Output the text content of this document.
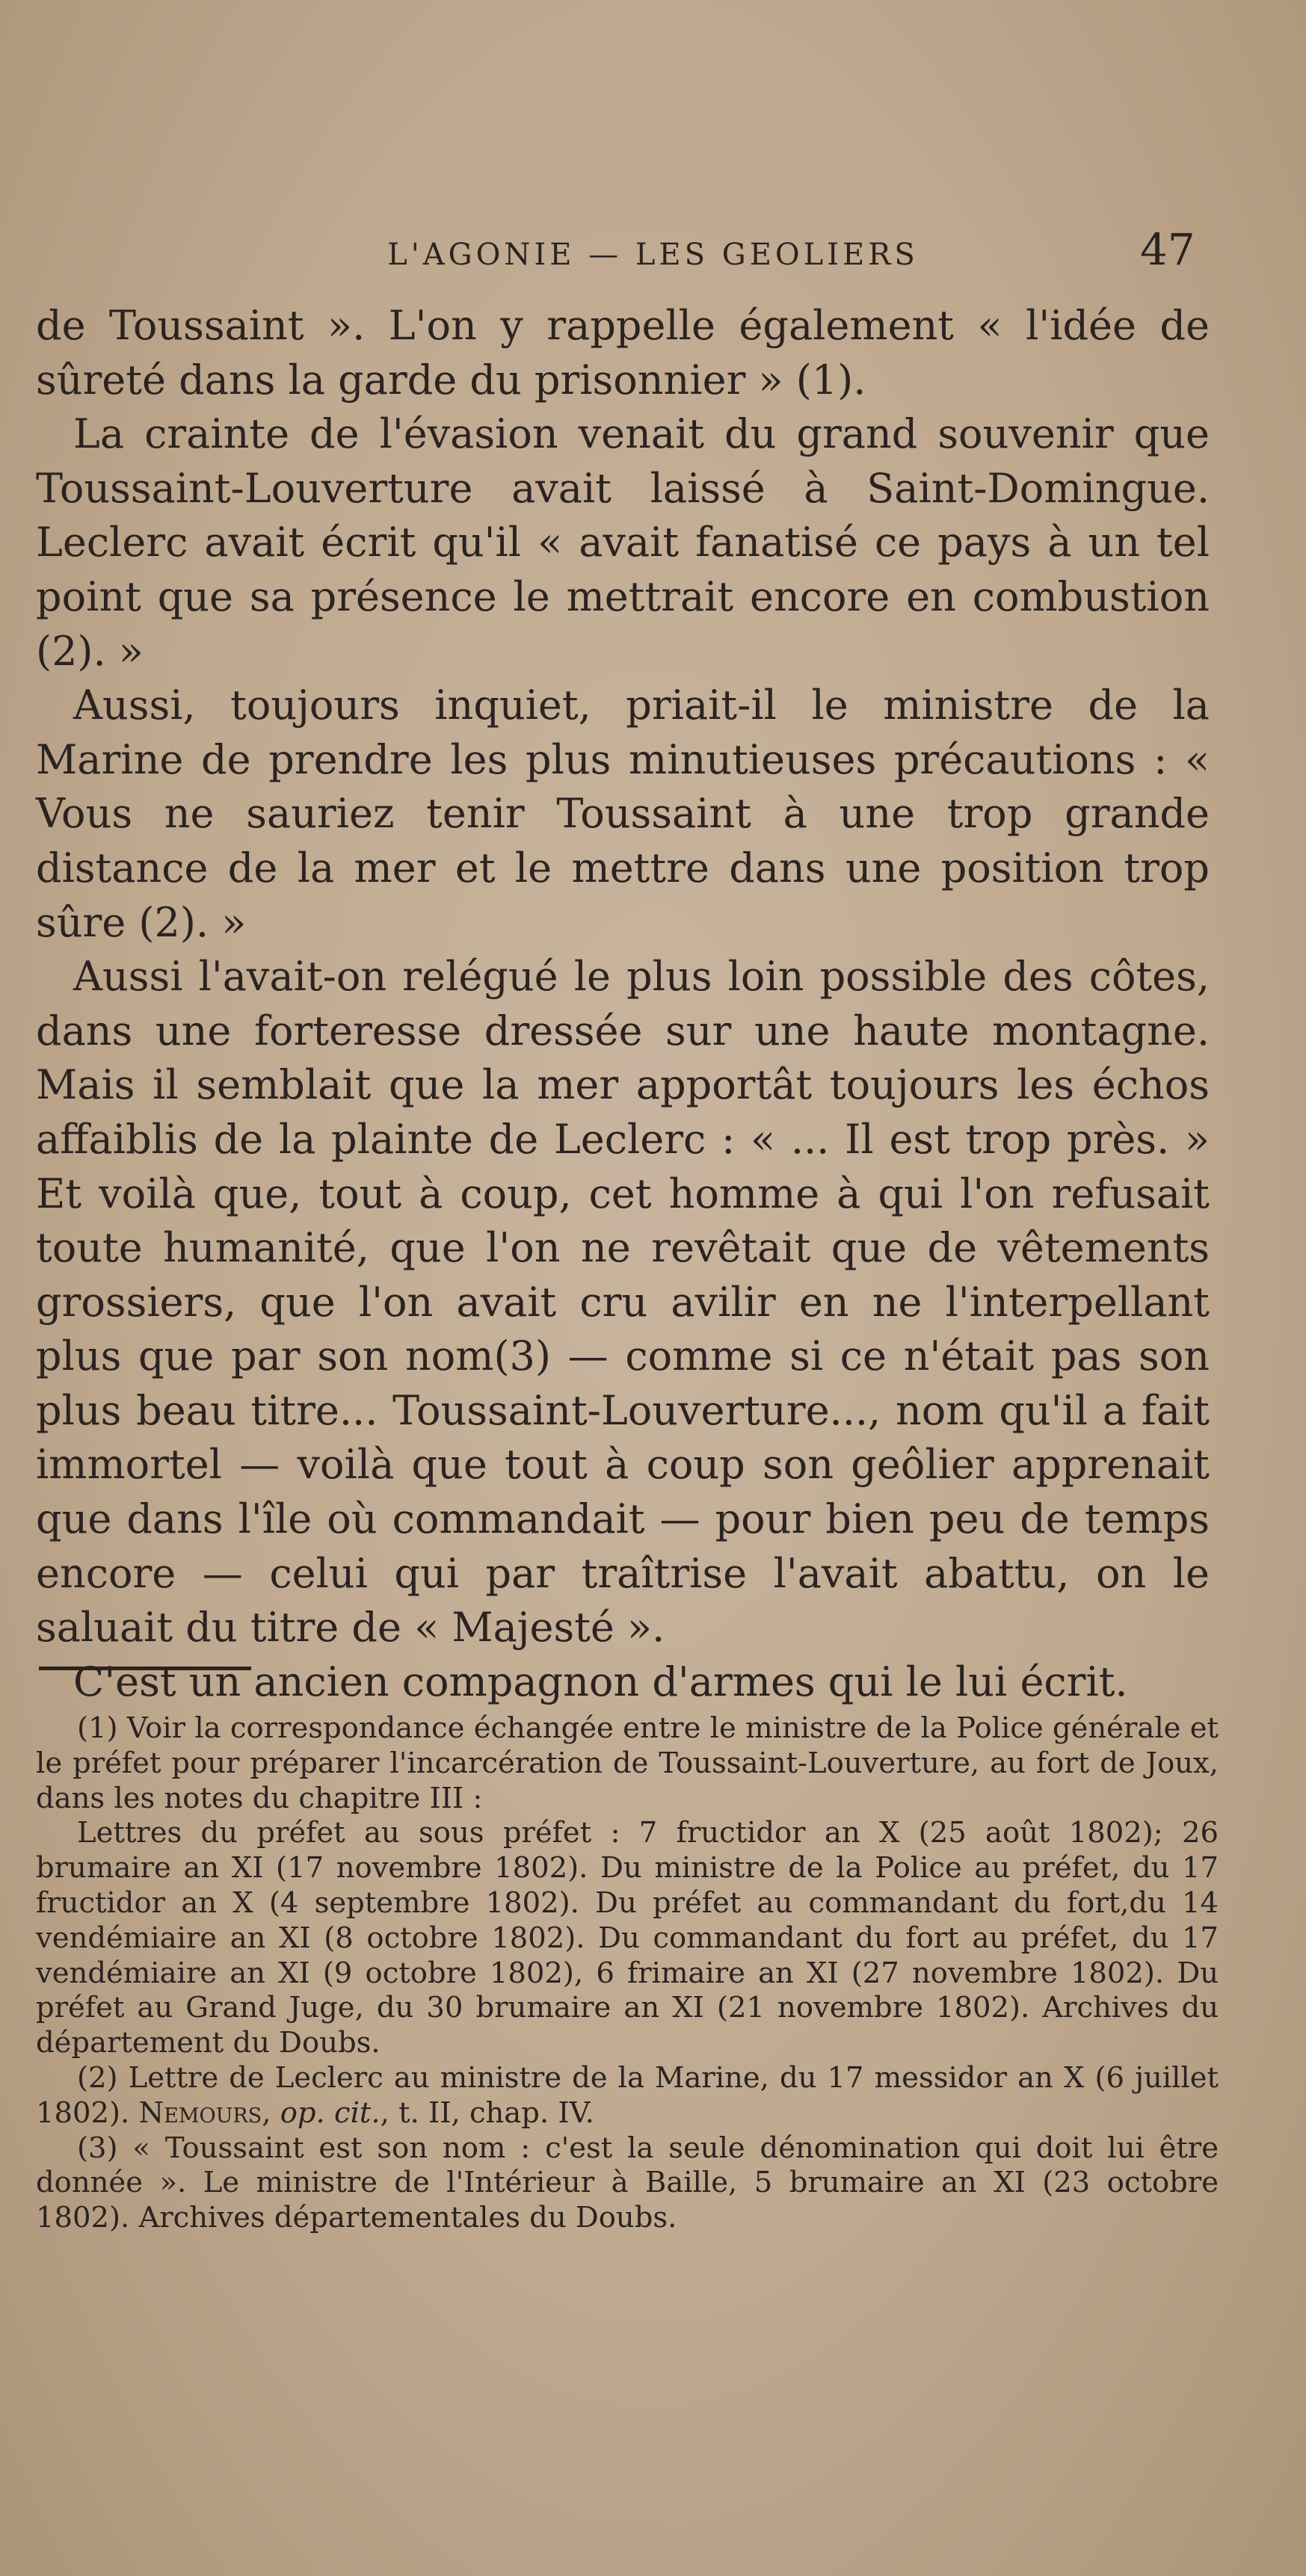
L'AGONIE — LES GEOLIERS	47

de Toussaint ». L'on y rappelle également « l'idée de sûreté dans la garde du prisonnier » (1).

La crainte de l'évasion venait du grand souvenir que Toussaint-Louverture avait laissé à Saint-Domingue. Leclerc avait écrit qu'il « avait fanatisé ce pays à un tel point que sa présence le mettrait encore en combustion (2). »

Aussi, toujours inquiet, priait-il le ministre de la Marine de prendre les plus minutieuses précautions : « Vous ne sauriez tenir Toussaint à une trop grande distance de la mer et le mettre dans une position trop sûre (2). »

Aussi l'avait-on relégué le plus loin possible des côtes, dans une forteresse dressée sur une haute montagne. Mais il semblait que la mer apportât toujours les échos affaiblis de la plainte de Leclerc : « ... Il est trop près. » Et voilà que, tout à coup, cet homme à qui l'on refusait toute humanité, que l'on ne revêtait que de vêtements grossiers, que l'on avait cru avilir en ne l'interpellant plus que par son nom(3) — comme si ce n'était pas son plus beau titre... Toussaint-Louverture..., nom qu'il a fait immortel — voilà que tout à coup son geôlier apprenait que dans l'île où commandait — pour bien peu de temps encore — celui qui par traîtrise l'avait abattu, on le saluait du titre de « Majesté ».

C'est un ancien compagnon d'armes qui le lui écrit.

(1) Voir la correspondance échangée entre le ministre de la Police générale et le préfet pour préparer l'incarcération de Toussaint-Louverture, au fort de Joux, dans les notes du chapitre III :

Lettres du préfet au sous préfet : 7 fructidor an X (25 août 1802); 26 brumaire an XI (17 novembre 1802). Du ministre de la Police au préfet, du 17 fructidor an X (4 septembre 1802). Du préfet au commandant du fort,du 14 vendémiaire an XI (8 octobre 1802). Du commandant du fort au préfet, du 17 vendémiaire an XI (9 octobre 1802), 6 frimaire an XI (27 novembre 1802). Du préfet au Grand Juge, du 30 brumaire an XI (21 novembre 1802). Archives du département du Doubs.

(2) Lettre de Leclerc au ministre de la Marine, du 17 messidor an X (6 juillet 1802). Nemours, op. cit., t. II, chap. IV.

(3) « Toussaint est son nom : c'est la seule dénomination qui doit lui être donnée ». Le ministre de l'Intérieur à Baille, 5 brumaire an XI (23 octobre 1802). Archives départementales du Doubs.
